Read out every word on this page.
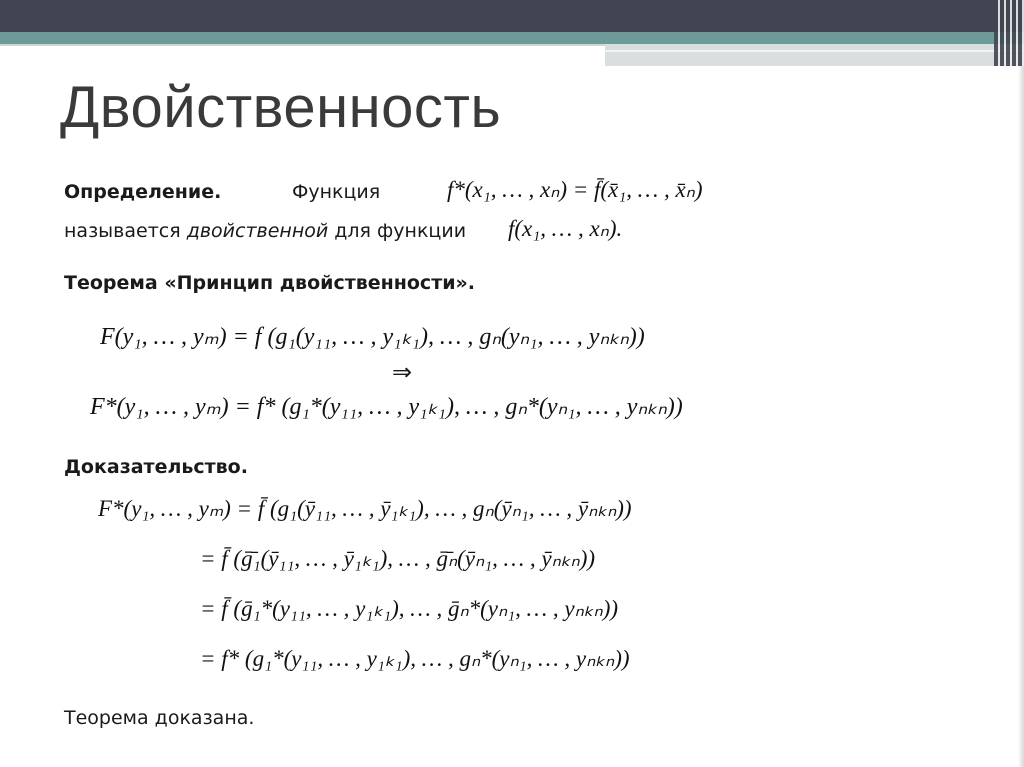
Двойственность
Определение.	Функция	f*(x₁, … , xₙ) = f̄(x̄₁, … , x̄ₙ)
называется двойственной для функции f(x₁, … , xₙ).
Теорема «Принцип двойственности».
F(y₁, … , yₘ) = f (g₁(y₁₁, … , y₁ₖ₁), … , gₙ(yₙ₁, … , yₙₖₙ))
⇒
F*(y₁, … , yₘ) = f* (g₁*(y₁₁, … , y₁ₖ₁), … , gₙ*(yₙ₁, … , yₙₖₙ))
Доказательство.
F*(y₁, … , yₘ) = f̄ (g₁(ȳ₁₁, … , ȳ₁ₖ₁), … , gₙ(ȳₙ₁, … , ȳₙₖₙ))
= f̄ (ḡ̄₁(ȳ₁₁, … , ȳ₁ₖ₁), … , ḡ̄ₙ(ȳₙ₁, … , ȳₙₖₙ))
= f̄ (ḡ₁*(y₁₁, … , y₁ₖ₁), … , ḡₙ*(yₙ₁, … , yₙₖₙ))
= f* (g₁*(y₁₁, … , y₁ₖ₁), … , gₙ*(yₙ₁, … , yₙₖₙ))
Теорема доказана.
